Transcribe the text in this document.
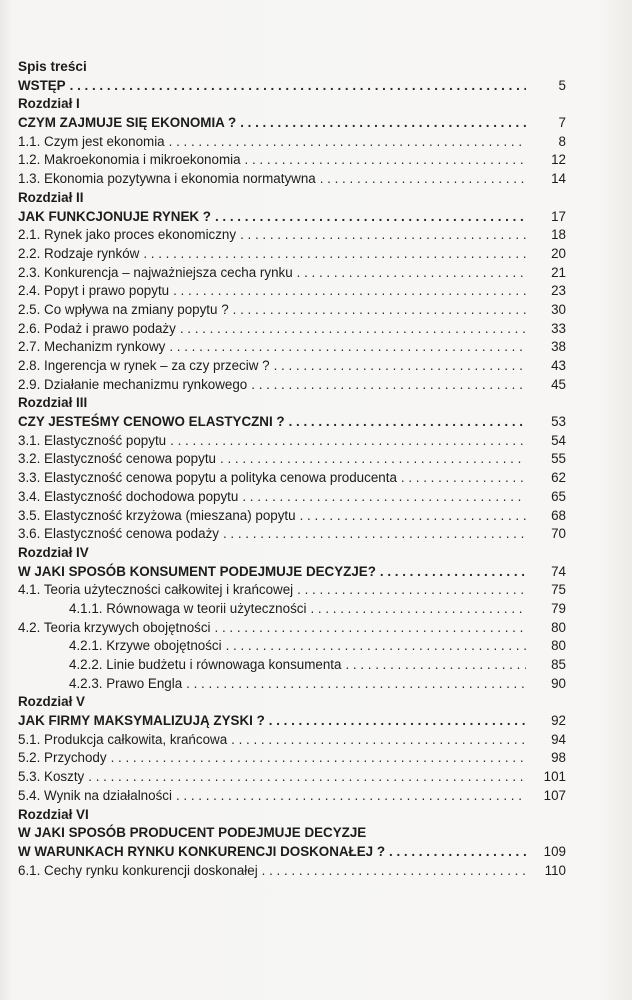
Spis treści
WSTĘP . . .	5
Rozdział I
CZYM ZAJMUJE SIĘ EKONOMIA ? . . .	7
1.1. Czym jest ekonomia . . .	8
1.2. Makroekonomia i mikroekonomia . . .	12
1.3. Ekonomia pozytywna i ekonomia normatywna . . .	14
Rozdział II
JAK FUNKCJONUJE RYNEK ? . . .	17
2.1. Rynek jako proces ekonomiczny . . .	18
2.2. Rodzaje rynków . . .	20
2.3. Konkurencja – najważniejsza cecha rynku . . .	21
2.4. Popyt i prawo popytu . . .	23
2.5. Co wpływa na zmiany popytu ? . . .	30
2.6. Podaż i prawo podaży . . .	33
2.7. Mechanizm rynkowy . . .	38
2.8. Ingerencja w rynek – za czy przeciw ? . . .	43
2.9. Działanie mechanizmu rynkowego . . .	45
Rozdział III
CZY JESTEŚMY CENOWO ELASTYCZNI ? . . .	53
3.1. Elastyczność popytu . . .	54
3.2. Elastyczność cenowa popytu . . .	55
3.3. Elastyczność cenowa popytu a polityka cenowa producenta . . .	62
3.4. Elastyczność dochodowa popytu . . .	65
3.5. Elastyczność krzyżowa (mieszana) popytu . . .	68
3.6. Elastyczność cenowa podaży . . .	70
Rozdział IV
W JAKI SPOSÓB KONSUMENT PODEJMUJE DECYZJE? . . .	74
4.1. Teoria użyteczności całkowitej i krańcowej . . .	75
4.1.1. Równowaga w teorii użyteczności . . .	79
4.2. Teoria krzywych obojętności . . .	80
4.2.1. Krzywe obojętności . . .	80
4.2.2. Linie budżetu i równowaga konsumenta . . .	85
4.2.3. Prawo Engla . . .	90
Rozdział V
JAK FIRMY MAKSYMALIZUJĄ ZYSKI ? . . .	92
5.1. Produkcja całkowita, krańcowa . . .	94
5.2. Przychody . . .	98
5.3. Koszty . . .	101
5.4. Wynik na działalności . . .	107
Rozdział VI
W JAKI SPOSÓB PRODUCENT PODEJMUJE DECYZJE
W WARUNKACH RYNKU KONKURENCJI DOSKONAŁEJ ? . . .	109
6.1. Cechy rynku konkurencji doskonałej . . .	110
